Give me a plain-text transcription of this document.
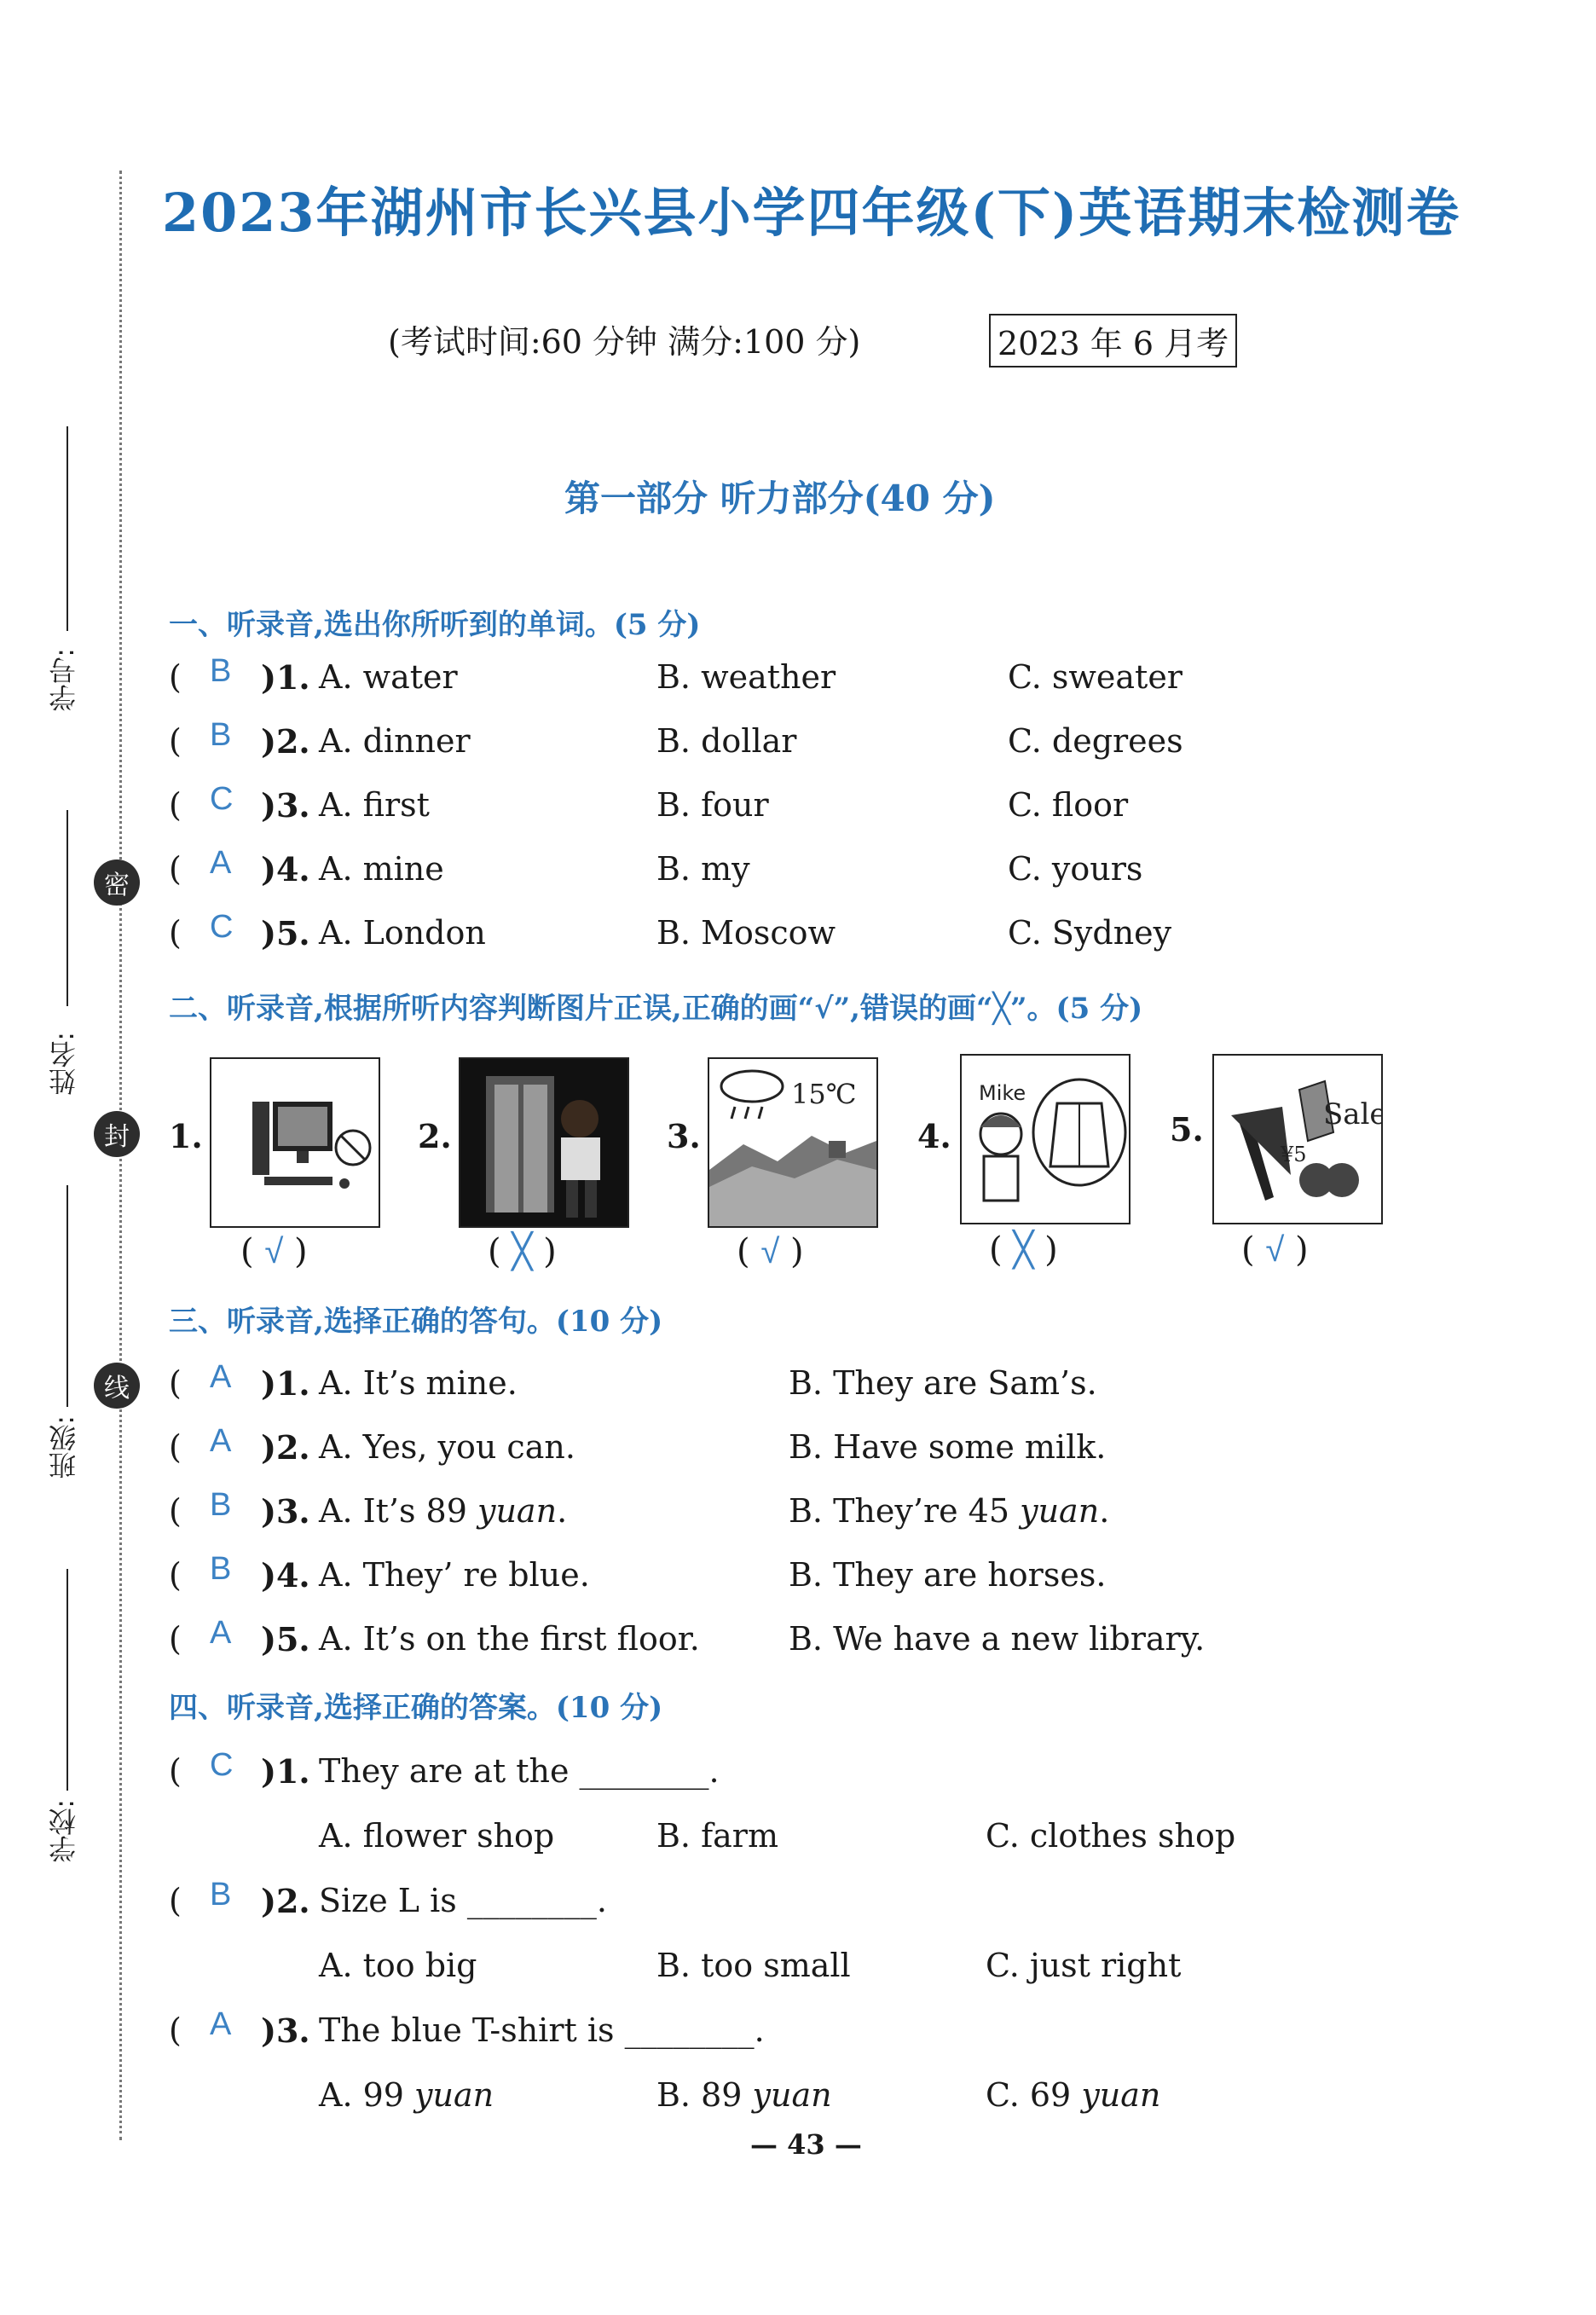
学号:
姓名:
班级:
学校:
密
封
线
2023年湖州市长兴县小学四年级(下)英语期末检测卷
(考试时间:60 分钟 满分:100 分)	2023 年 6 月考
第一部分 听力部分(40 分)
一、听录音,选出你所听到的单词。(5 分)
( B )1. A. water	B. weather	C. sweater
( B )2. A. dinner	B. dollar	C. degrees
( C )3. A. first	B. four	C. floor
( A )4. A. mine	B. my	C. yours
( C )5. A. London	B. Moscow	C. Sydney
二、听录音,根据所听内容判断图片正误,正确的画“√”,错误的画“╳”。(5 分)
1.
( √ )
2.
( ╳ )
3.
15℃
( √ )
4.
Mike
( ╳ )
5.	Sale
¥5
( √ )
三、听录音,选择正确的答句。(10 分)
( A )1. A. It’s mine.	B. They are Sam’s.
( A )2. A. Yes, you can.	B. Have some milk.
( B )3. A. It’s 89 yuan.	B. They’re 45 yuan.
( B )4. A. They’ re blue.	B. They are horses.
( A )5. A. It’s on the first floor.	B. We have a new library.
四、听录音,选择正确的答案。(10 分)
( C )1. They are at the ________.
A. flower shop	B. farm	C. clothes shop
( B )2. Size L is ________.
A. too big	B. too small	C. just right
( A )3. The blue T-shirt is ________.
A. 99 yuan	B. 89 yuan	C. 69 yuan
— 43 —
